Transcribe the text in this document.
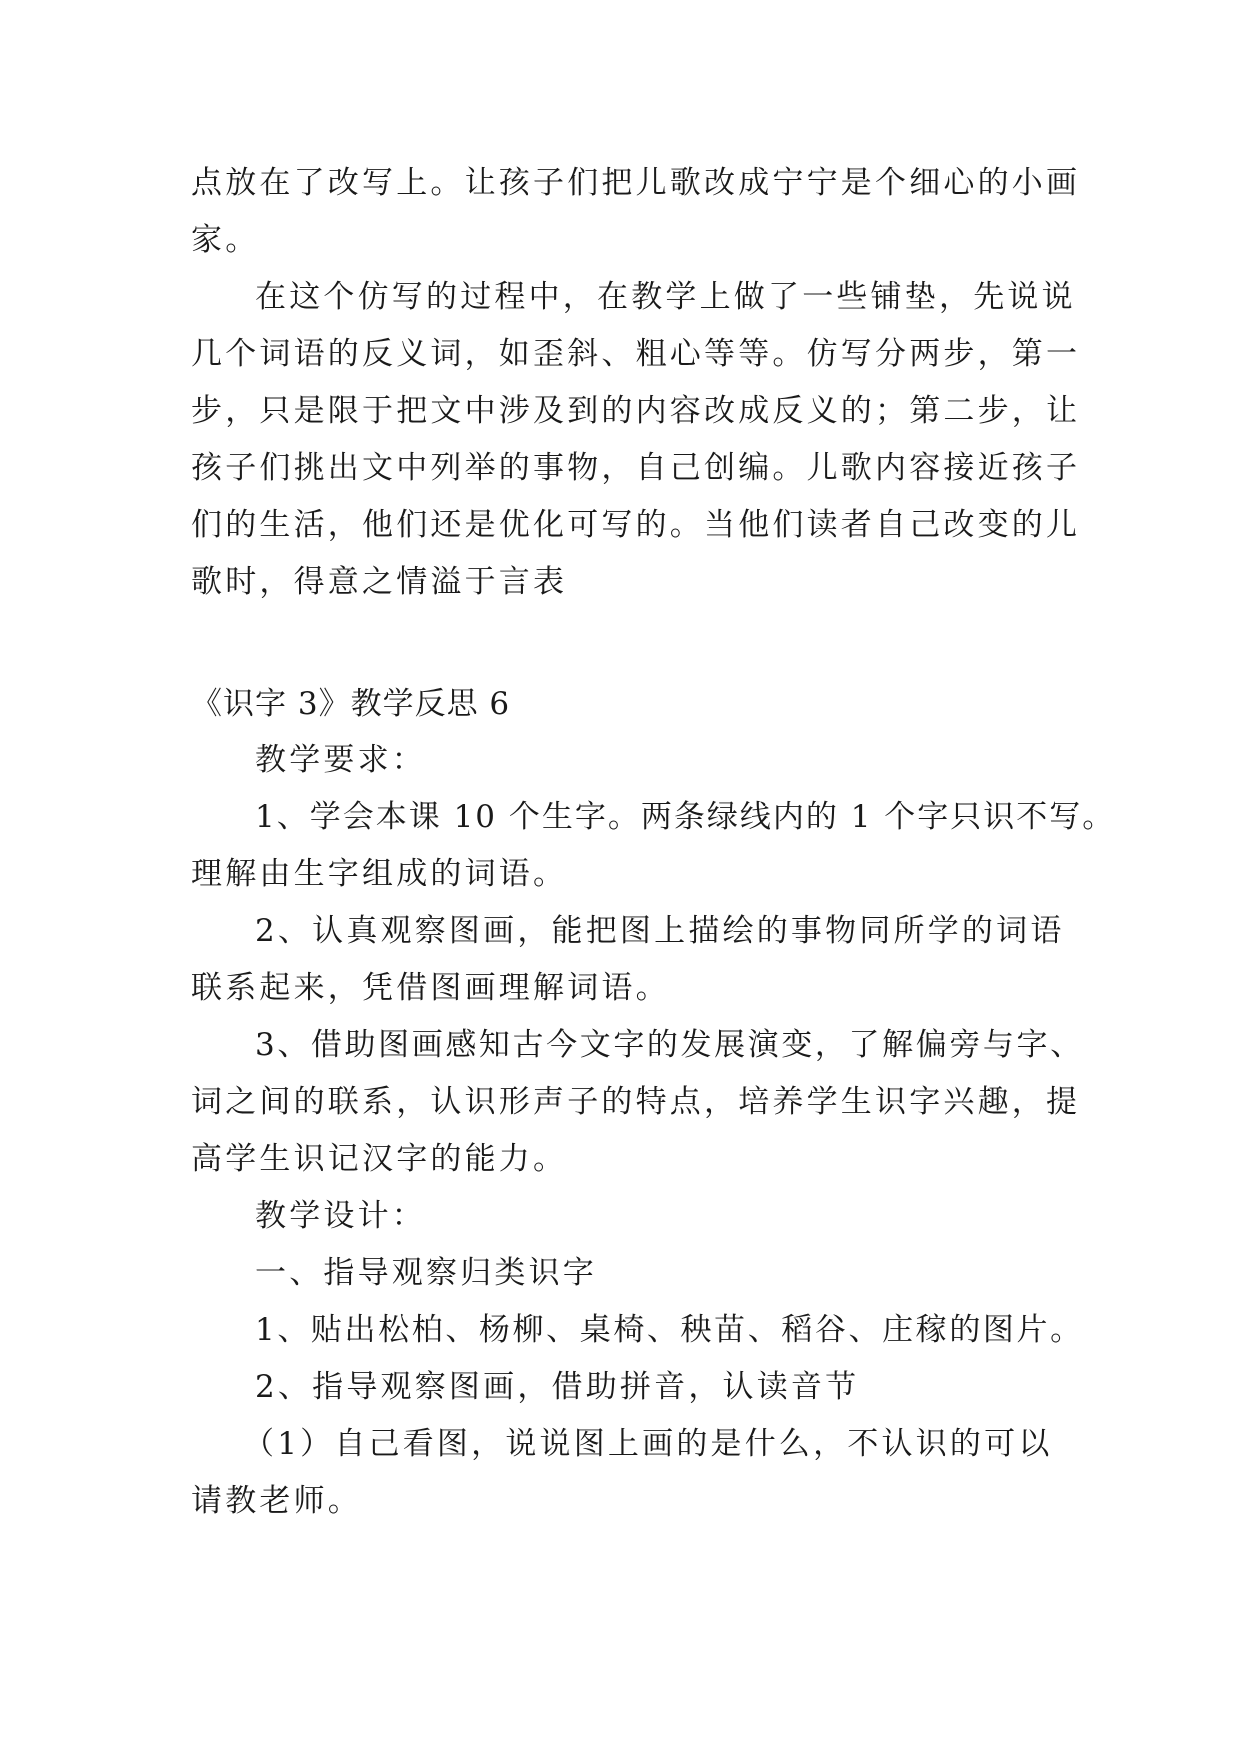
点放在了改写上。让孩子们把儿歌改成宁宁是个细心的小画
家。
在这个仿写的过程中，在教学上做了一些铺垫，先说说
几个词语的反义词，如歪斜、粗心等等。仿写分两步，第一
步，只是限于把文中涉及到的内容改成反义的；第二步，让
孩子们挑出文中列举的事物，自己创编。儿歌内容接近孩子
们的生活，他们还是优化可写的。当他们读者自己改变的儿
歌时，得意之情溢于言表
《识字 3》教学反思 6
教学要求：
1、学会本课 10 个生字。两条绿线内的 1 个字只识不写。
理解由生字组成的词语。
2、认真观察图画，能把图上描绘的事物同所学的词语
联系起来，凭借图画理解词语。
3、借助图画感知古今文字的发展演变，了解偏旁与字、
词之间的联系，认识形声子的特点，培养学生识字兴趣，提
高学生识记汉字的能力。
教学设计：
一、指导观察归类识字
1、贴出松柏、杨柳、桌椅、秧苗、稻谷、庄稼的图片。
2、指导观察图画，借助拼音，认读音节
（1）自己看图，说说图上画的是什么，不认识的可以
请教老师。
